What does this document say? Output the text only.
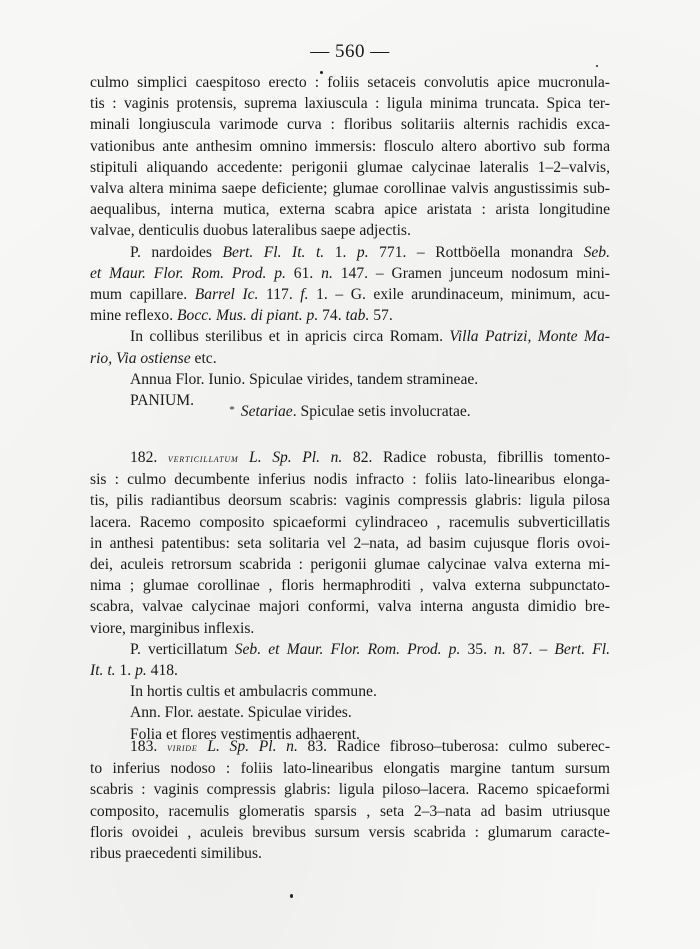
— 560 —
culmo simplici caespitoso erecto : foliis setaceis convolutis apice mucronula-
tis : vaginis protensis, suprema laxiuscula : ligula minima truncata. Spica ter-
minali longiuscula varimode curva : floribus solitariis alternis rachidis exca-
vationibus ante anthesim omnino immersis: flosculo altero abortivo sub forma
stipituli aliquando accedente: perigonii glumae calycinae lateralis 1–2–valvis,
valva altera minima saepe deficiente; glumae corollinae valvis angustissimis sub-
aequalibus, interna mutica, externa scabra apice aristata : arista longitudine
valvae, denticulis duobus lateralibus saepe adjectis.
P. nardoides Bert. Fl. It. t. 1. p. 771. – Rottböella monandra Seb.
et Maur. Flor. Rom. Prod. p. 61. n. 147. – Gramen junceum nodosum mini-
mum capillare. Barrel Ic. 117. f. 1. – G. exile arundinaceum, minimum, acu-
mine reflexo. Bocc. Mus. di piant. p. 74. tab. 57.
In collibus sterilibus et in apricis circa Romam. Villa Patrizi, Monte Ma-
rio, Via ostiense etc.
Annua Flor. Iunio. Spiculae virides, tandem stramineae.
PANIUM.
* Setariae. Spiculae setis involucratae.
182. verticillatum L. Sp. Pl. n. 82. Radice robusta, fibrillis tomento-
sis : culmo decumbente inferius nodis infracto : foliis lato-linearibus elonga-
tis, pilis radiantibus deorsum scabris: vaginis compressis glabris: ligula pilosa
lacera. Racemo composito spicaeformi cylindraceo , racemulis subverticillatis
in anthesi patentibus: seta solitaria vel 2–nata, ad basim cujusque floris ovoi-
dei, aculeis retrorsum scabrida : perigonii glumae calycinae valva externa mi-
nima ; glumae corollinae , floris hermaphroditi , valva externa subpunctato-
scabra, valvae calycinae majori conformi, valva interna angusta dimidio bre-
viore, marginibus inflexis.
P. verticillatum Seb. et Maur. Flor. Rom. Prod. p. 35. n. 87. – Bert. Fl.
It. t. 1. p. 418.
In hortis cultis et ambulacris commune.
Ann. Flor. aestate. Spiculae virides.
Folia et flores vestimentis adhaerent.
183. viride L. Sp. Pl. n. 83. Radice fibroso–tuberosa: culmo suberec-
to inferius nodoso : foliis lato-linearibus elongatis margine tantum sursum
scabris : vaginis compressis glabris: ligula piloso–lacera. Racemo spicaeformi
composito, racemulis glomeratis sparsis , seta 2–3–nata ad basim utriusque
floris ovoidei , aculeis brevibus sursum versis scabrida : glumarum caracte-
ribus praecedenti similibus.
